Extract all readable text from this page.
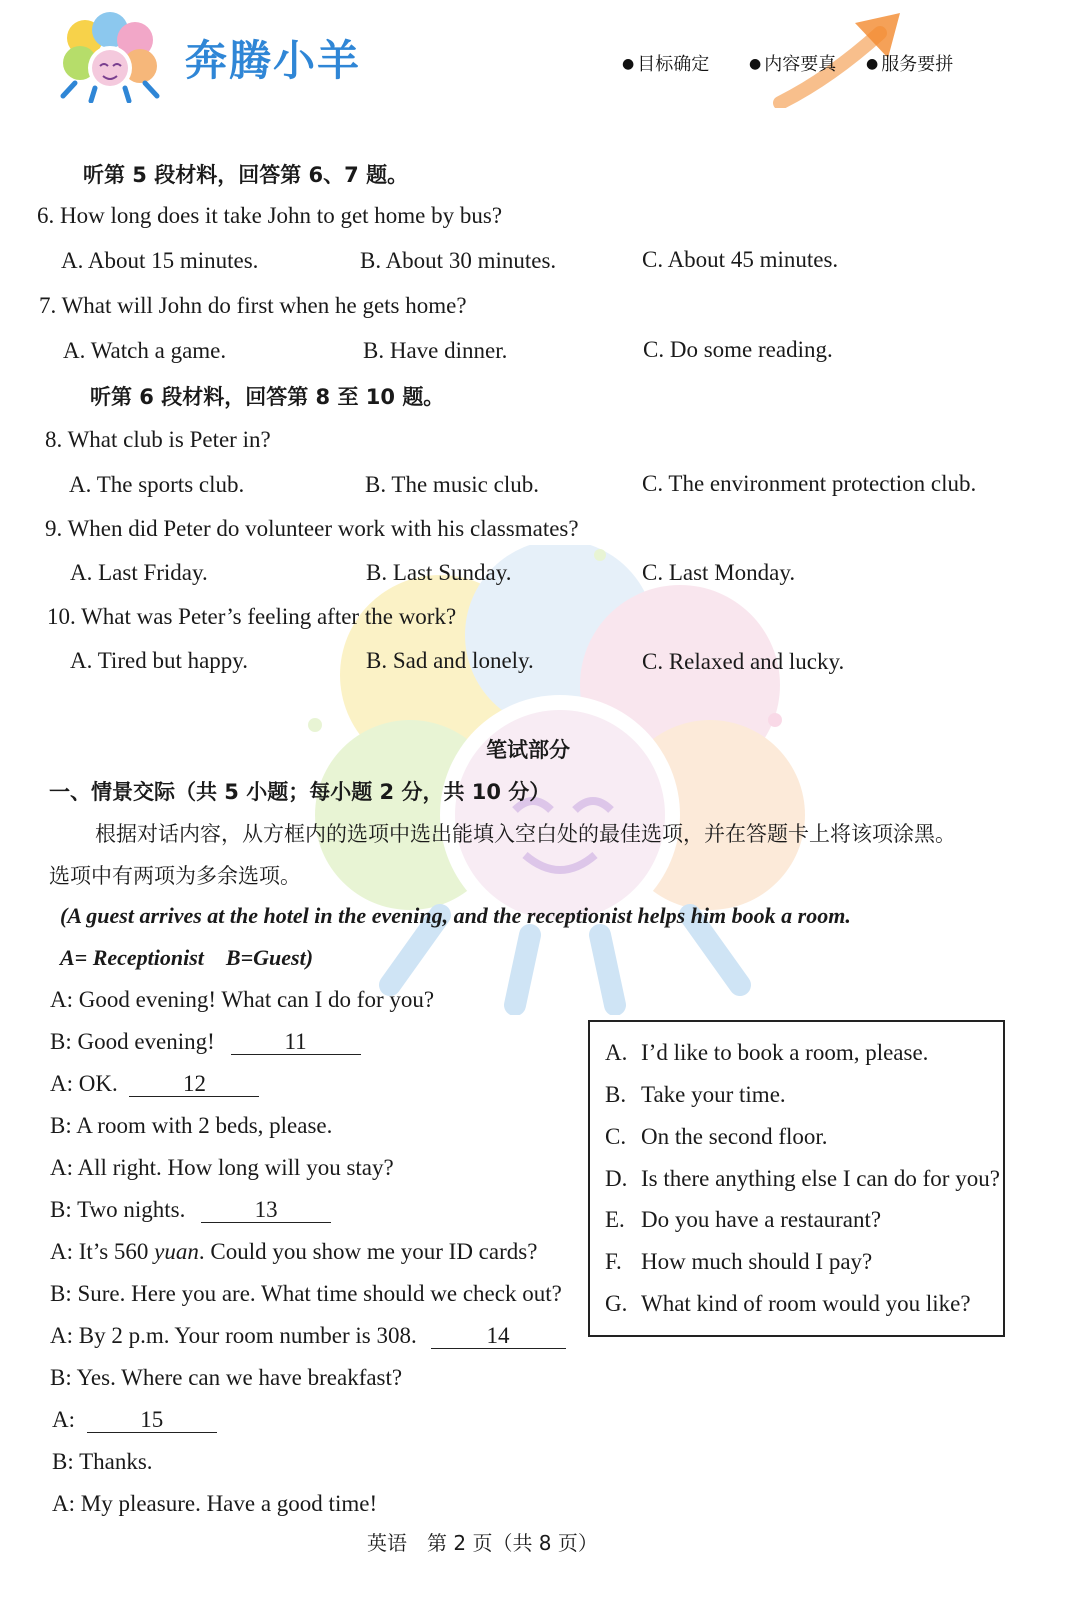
奔腾小羊	● 目标确定	● 内容要真	● 服务要拼
听第 5 段材料，回答第 6、7 题。
6. How long does it take John to get home by bus?
A. About 15 minutes.	B. About 30 minutes.	C. About 45 minutes.
7. What will John do first when he gets home?
A. Watch a game.	B. Have dinner.	C. Do some reading.
听第 6 段材料，回答第 8 至 10 题。
8. What club is Peter in?
A. The sports club.	B. The music club.	C. The environment protection club.
9. When did Peter do volunteer work with his classmates?
A. Last Friday.	B. Last Sunday.	C. Last Monday.
10. What was Peter’s feeling after the work?
A. Tired but happy.	B. Sad and lonely.	C. Relaxed and lucky.
笔试部分
一、情景交际（共 5 小题；每小题 2 分，共 10 分）
根据对话内容，从方框内的选项中选出能填入空白处的最佳选项，并在答题卡上将该项涂黑。
选项中有两项为多余选项。
(A guest arrives at the hotel in the evening, and the receptionist helps him book a room.
A= Receptionist    B=Guest)
A: Good evening! What can I do for you?
B: Good evening!	11
A: OK.	12
B: A room with 2 beds, please.
A: All right. How long will you stay?
B: Two nights.	13
A: It’s 560 yuan. Could you show me your ID cards?
B: Sure. Here you are. What time should we check out?
A: By 2 p.m. Your room number is 308.	14
B: Yes. Where can we have breakfast?
A:	15
B: Thanks.
A: My pleasure. Have a good time!
A. I’d like to book a room, please.
B. Take your time.
C. On the second floor.
D. Is there anything else I can do for you?
E. Do you have a restaurant?
F. How much should I pay?
G. What kind of room would you like?
英语　第 2 页（共 8 页）
